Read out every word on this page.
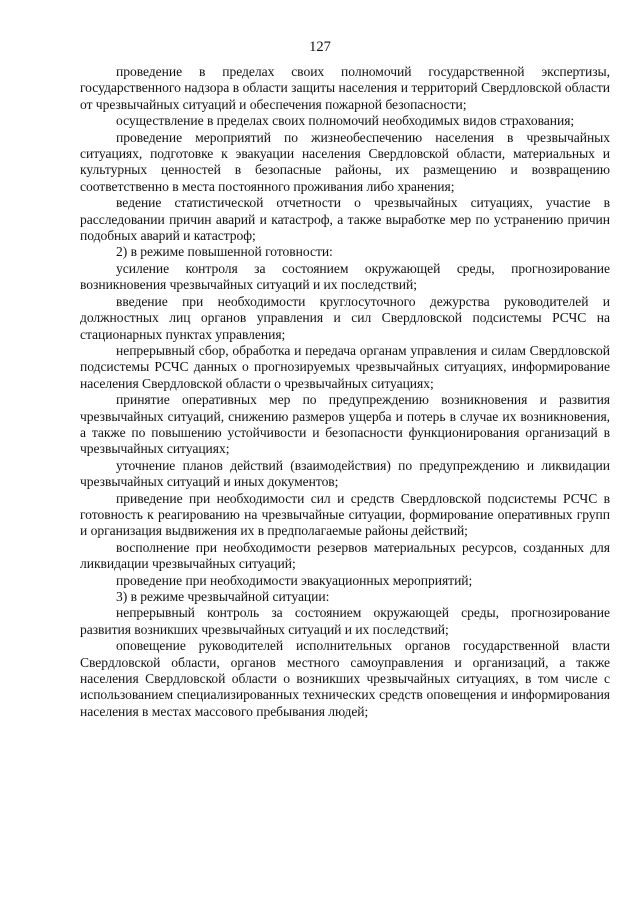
127

проведение в пределах своих полномочий государственной экспертизы, государственного надзора в области защиты населения и территорий Свердловской области от чрезвычайных ситуаций и обеспечения пожарной безопасности;

осуществление в пределах своих полномочий необходимых видов страхования;

проведение мероприятий по жизнеобеспечению населения в чрезвычайных ситуациях, подготовке к эвакуации населения Свердловской области, материальных и культурных ценностей в безопасные районы, их размещению и возвращению соответственно в места постоянного проживания либо хранения;

ведение статистической отчетности о чрезвычайных ситуациях, участие в расследовании причин аварий и катастроф, а также выработке мер по устранению причин подобных аварий и катастроф;

2) в режиме повышенной готовности:

усиление контроля за состоянием окружающей среды, прогнозирование возникновения чрезвычайных ситуаций и их последствий;

введение при необходимости круглосуточного дежурства руководителей и должностных лиц органов управления и сил Свердловской подсистемы РСЧС на стационарных пунктах управления;

непрерывный сбор, обработка и передача органам управления и силам Свердловской подсистемы РСЧС данных о прогнозируемых чрезвычайных ситуациях, информирование населения Свердловской области о чрезвычайных ситуациях;

принятие оперативных мер по предупреждению возникновения и развития чрезвычайных ситуаций, снижению размеров ущерба и потерь в случае их возникновения, а также по повышению устойчивости и безопасности функционирования организаций в чрезвычайных ситуациях;

уточнение планов действий (взаимодействия) по предупреждению и ликвидации чрезвычайных ситуаций и иных документов;

приведение при необходимости сил и средств Свердловской подсистемы РСЧС в готовность к реагированию на чрезвычайные ситуации, формирование оперативных групп и организация выдвижения их в предполагаемые районы действий;

восполнение при необходимости резервов материальных ресурсов, созданных для ликвидации чрезвычайных ситуаций;

проведение при необходимости эвакуационных мероприятий;

3) в режиме чрезвычайной ситуации:

непрерывный контроль за состоянием окружающей среды, прогнозирование развития возникших чрезвычайных ситуаций и их последствий;

оповещение руководителей исполнительных органов государственной власти Свердловской области, органов местного самоуправления и организаций, а также населения Свердловской области о возникших чрезвычайных ситуациях, в том числе с использованием специализированных технических средств оповещения и информирования населения в местах массового пребывания людей;
